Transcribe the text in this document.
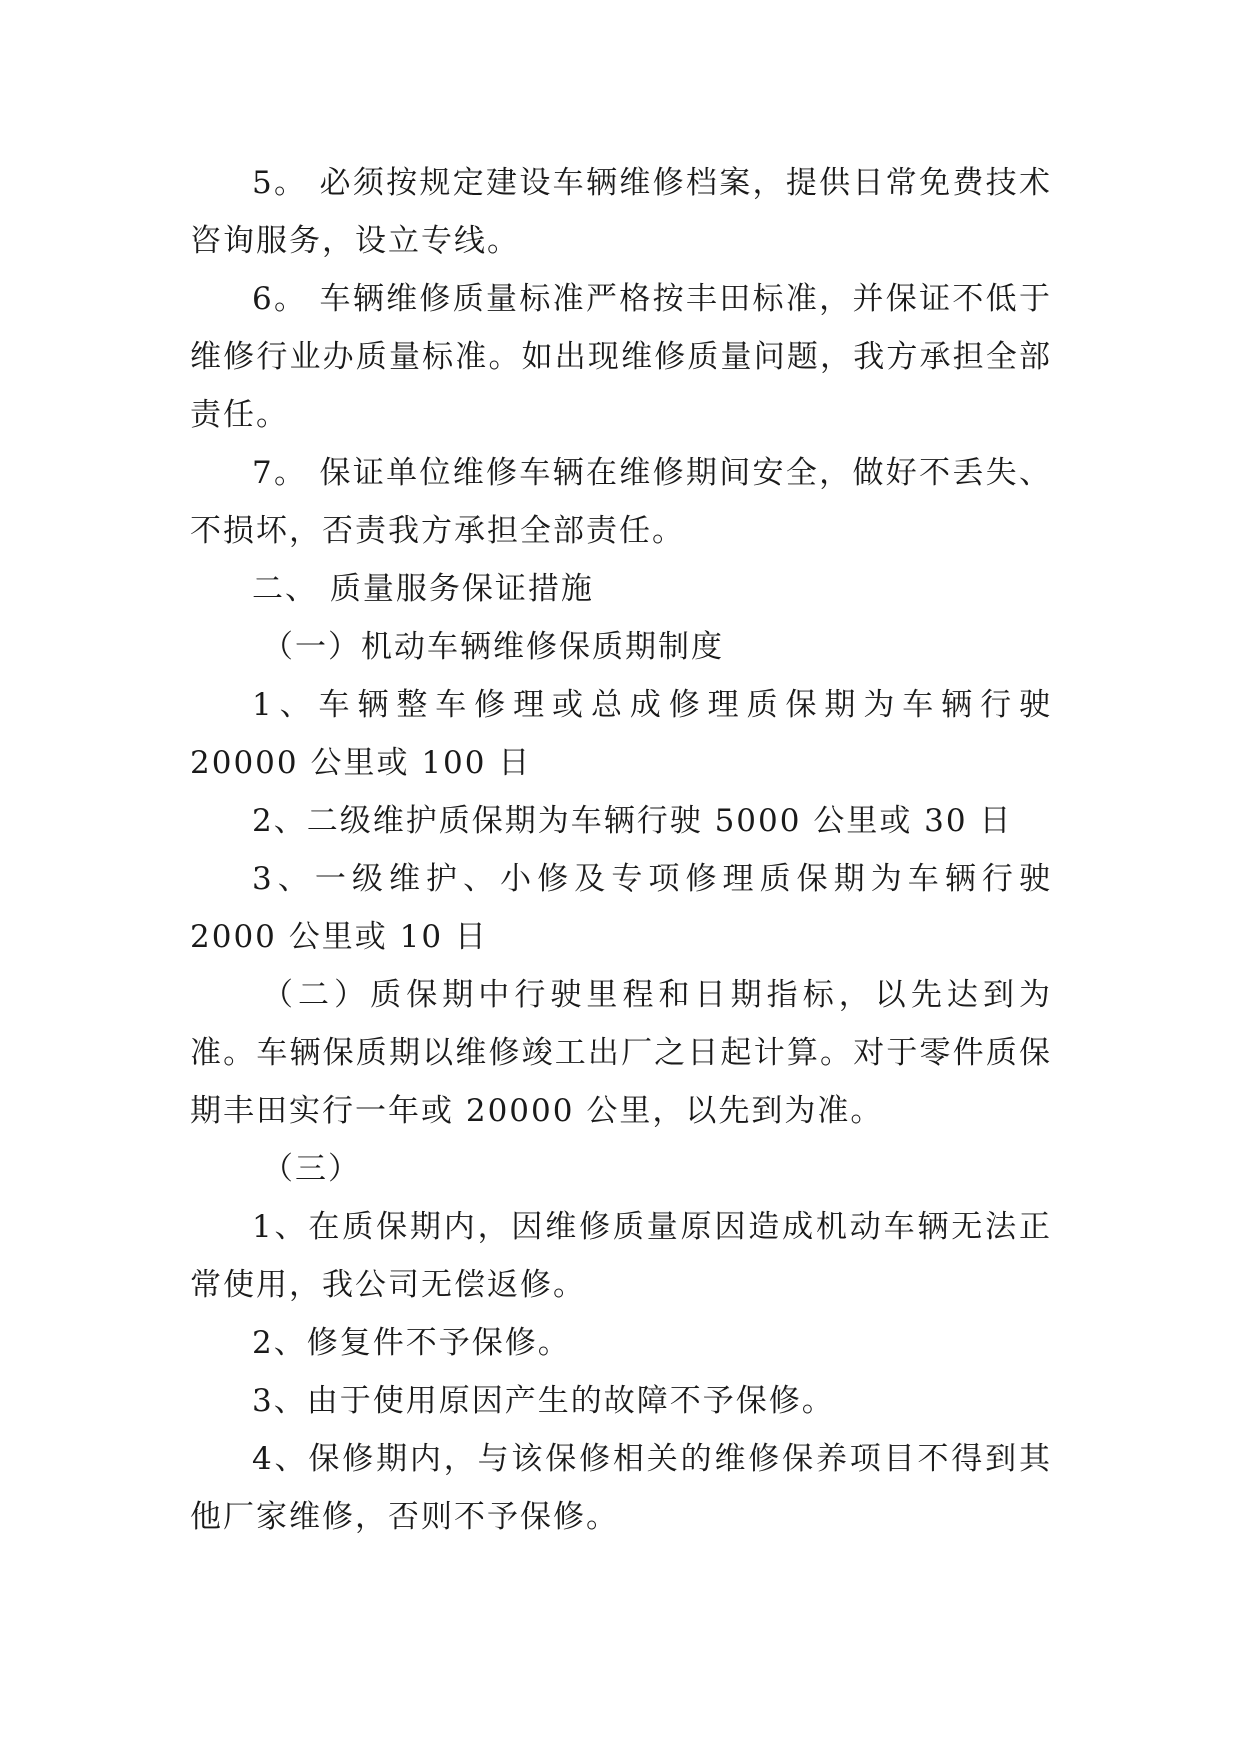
5。 必须按规定建设车辆维修档案，提供日常免费技术咨询服务，设立专线。

6。 车辆维修质量标准严格按丰田标准，并保证不低于维修行业办质量标准。如出现维修质量问题，我方承担全部责任。

7。 保证单位维修车辆在维修期间安全，做好不丢失、不损坏，否责我方承担全部责任。

二、 质量服务保证措施

（一）机动车辆维修保质期制度

1、车辆整车修理或总成修理质保期为车辆行驶 20000 公里或 100 日

2、二级维护质保期为车辆行驶 5000 公里或 30 日

3、一级维护、小修及专项修理质保期为车辆行驶 2000 公里或 10 日

（二）质保期中行驶里程和日期指标，以先达到为准。车辆保质期以维修竣工出厂之日起计算。对于零件质保期丰田实行一年或 20000 公里，以先到为准。

（三）

1、在质保期内，因维修质量原因造成机动车辆无法正常使用，我公司无偿返修。

2、修复件不予保修。

3、由于使用原因产生的故障不予保修。

4、保修期内，与该保修相关的维修保养项目不得到其他厂家维修，否则不予保修。
